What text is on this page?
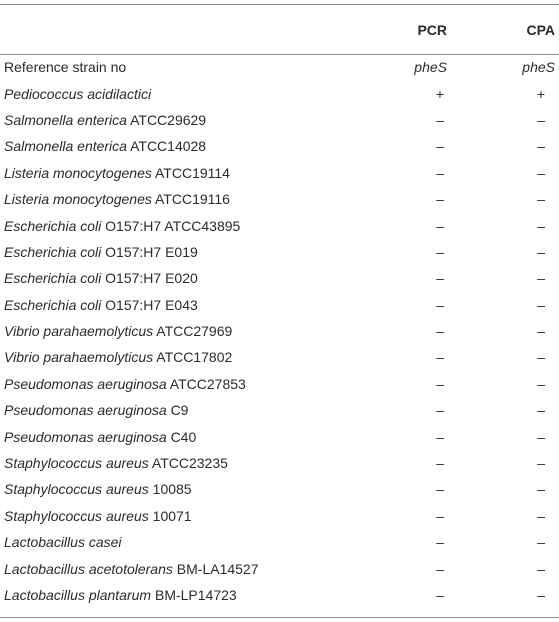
	PCR	CPA
Reference strain no	pheS	pheS
Pediococcus acidilactici	+	+
Salmonella enterica ATCC29629	–	–
Salmonella enterica ATCC14028	–	–
Listeria monocytogenes ATCC19114	–	–
Listeria monocytogenes ATCC19116	–	–
Escherichia coli O157:H7 ATCC43895	–	–
Escherichia coli O157:H7 E019	–	–
Escherichia coli O157:H7 E020	–	–
Escherichia coli O157:H7 E043	–	–
Vibrio parahaemolyticus ATCC27969	–	–
Vibrio parahaemolyticus ATCC17802	–	–
Pseudomonas aeruginosa ATCC27853	–	–
Pseudomonas aeruginosa C9	–	–
Pseudomonas aeruginosa C40	–	–
Staphylococcus aureus ATCC23235	–	–
Staphylococcus aureus 10085	–	–
Staphylococcus aureus 10071	–	–
Lactobacillus casei	–	–
Lactobacillus acetotolerans BM-LA14527	–	–
Lactobacillus plantarum BM-LP14723	–	–
